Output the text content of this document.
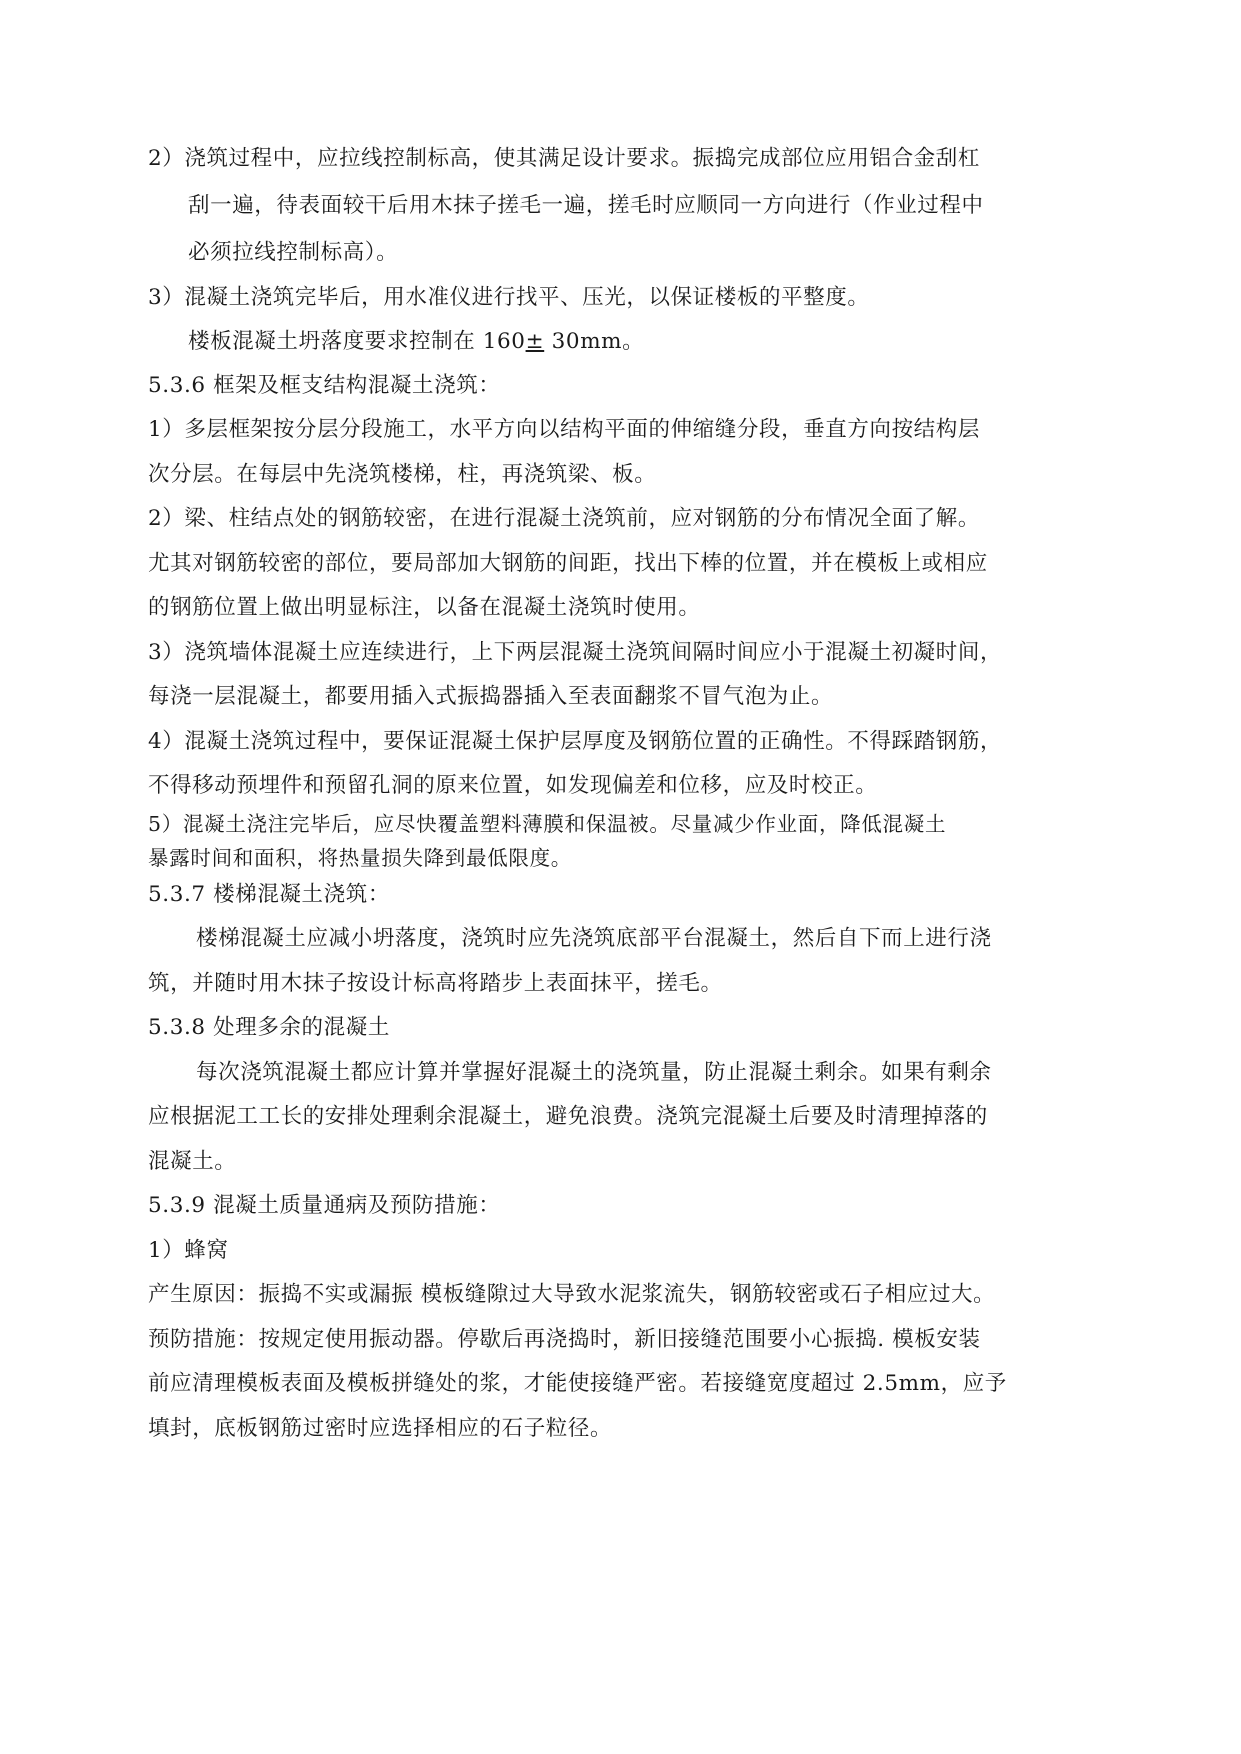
2）浇筑过程中，应拉线控制标高，使其满足设计要求。振捣完成部位应用铝合金刮杠
刮一遍，待表面较干后用木抹子搓毛一遍，搓毛时应顺同一方向进行（作业过程中
必须拉线控制标高）。
3）混凝土浇筑完毕后，用水准仪进行找平、压光，以保证楼板的平整度。
楼板混凝土坍落度要求控制在 160± 30mm。
5.3.6 框架及框支结构混凝土浇筑：
1）多层框架按分层分段施工，水平方向以结构平面的伸缩缝分段，垂直方向按结构层
次分层。在每层中先浇筑楼梯，柱，再浇筑梁、板。
2）梁、柱结点处的钢筋较密，在进行混凝土浇筑前，应对钢筋的分布情况全面了解。
尤其对钢筋较密的部位，要局部加大钢筋的间距，找出下棒的位置，并在模板上或相应
的钢筋位置上做出明显标注，以备在混凝土浇筑时使用。
3）浇筑墙体混凝土应连续进行，上下两层混凝土浇筑间隔时间应小于混凝土初凝时间，
每浇一层混凝土，都要用插入式振捣器插入至表面翻浆不冒气泡为止。
4）混凝土浇筑过程中，要保证混凝土保护层厚度及钢筋位置的正确性。不得踩踏钢筋，
不得移动预埋件和预留孔洞的原来位置，如发现偏差和位移，应及时校正。
5）混凝土浇注完毕后，应尽快覆盖塑料薄膜和保温被。尽量减少作业面，降低混凝土
暴露时间和面积，将热量损失降到最低限度。
5.3.7 楼梯混凝土浇筑：
楼梯混凝土应减小坍落度，浇筑时应先浇筑底部平台混凝土，然后自下而上进行浇
筑，并随时用木抹子按设计标高将踏步上表面抹平，搓毛。
5.3.8 处理多余的混凝土
每次浇筑混凝土都应计算并掌握好混凝土的浇筑量，防止混凝土剩余。如果有剩余
应根据泥工工长的安排处理剩余混凝土，避免浪费。浇筑完混凝土后要及时清理掉落的
混凝土。
5.3.9 混凝土质量通病及预防措施：
1）蜂窝
产生原因：振捣不实或漏振 模板缝隙过大导致水泥浆流失，钢筋较密或石子相应过大。
预防措施：按规定使用振动器。停歇后再浇捣时，新旧接缝范围要小心振捣. 模板安装
前应清理模板表面及模板拼缝处的浆，才能使接缝严密。若接缝宽度超过 2.5mm，应予
填封，底板钢筋过密时应选择相应的石子粒径。
